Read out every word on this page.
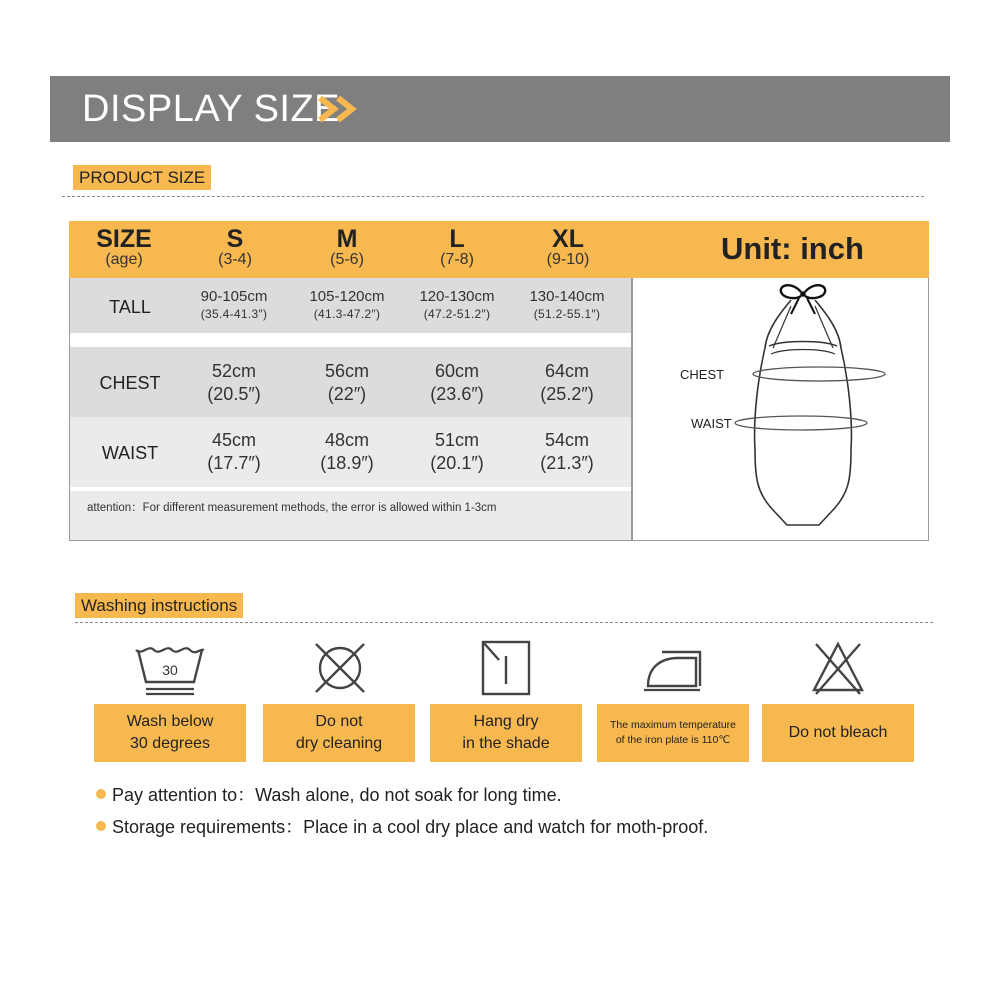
DISPLAY SIZE
PRODUCT SIZE
SIZE
(age)
S
(3-4)
M
(5-6)
L
(7-8)
XL
(9-10)	Unit: inch
TALL
90-105cm
(35.4-41.3″)
105-120cm
(41.3-47.2″)
120-130cm
(47.2-51.2″)
130-140cm
(51.2-55.1″)
CHEST
52cm
(20.5″)
56cm
(22″)
60cm
(23.6″)
64cm
(25.2″)
WAIST
45cm
(17.7″)
48cm
(18.9″)
51cm
(20.1″)
54cm
(21.3″)
attention：For different measurement methods, the error is allowed within 1-3cm
CHEST
WAIST
Washing instructions
30
Wash below
30 degrees
Do not
dry cleaning
Hang dry
in the shade
The maximum temperature
of the iron plate is 110℃	Do not bleach
Pay attention to：Wash alone, do not soak for long time.
Storage requirements：Place in a cool dry place and watch for moth-proof.
